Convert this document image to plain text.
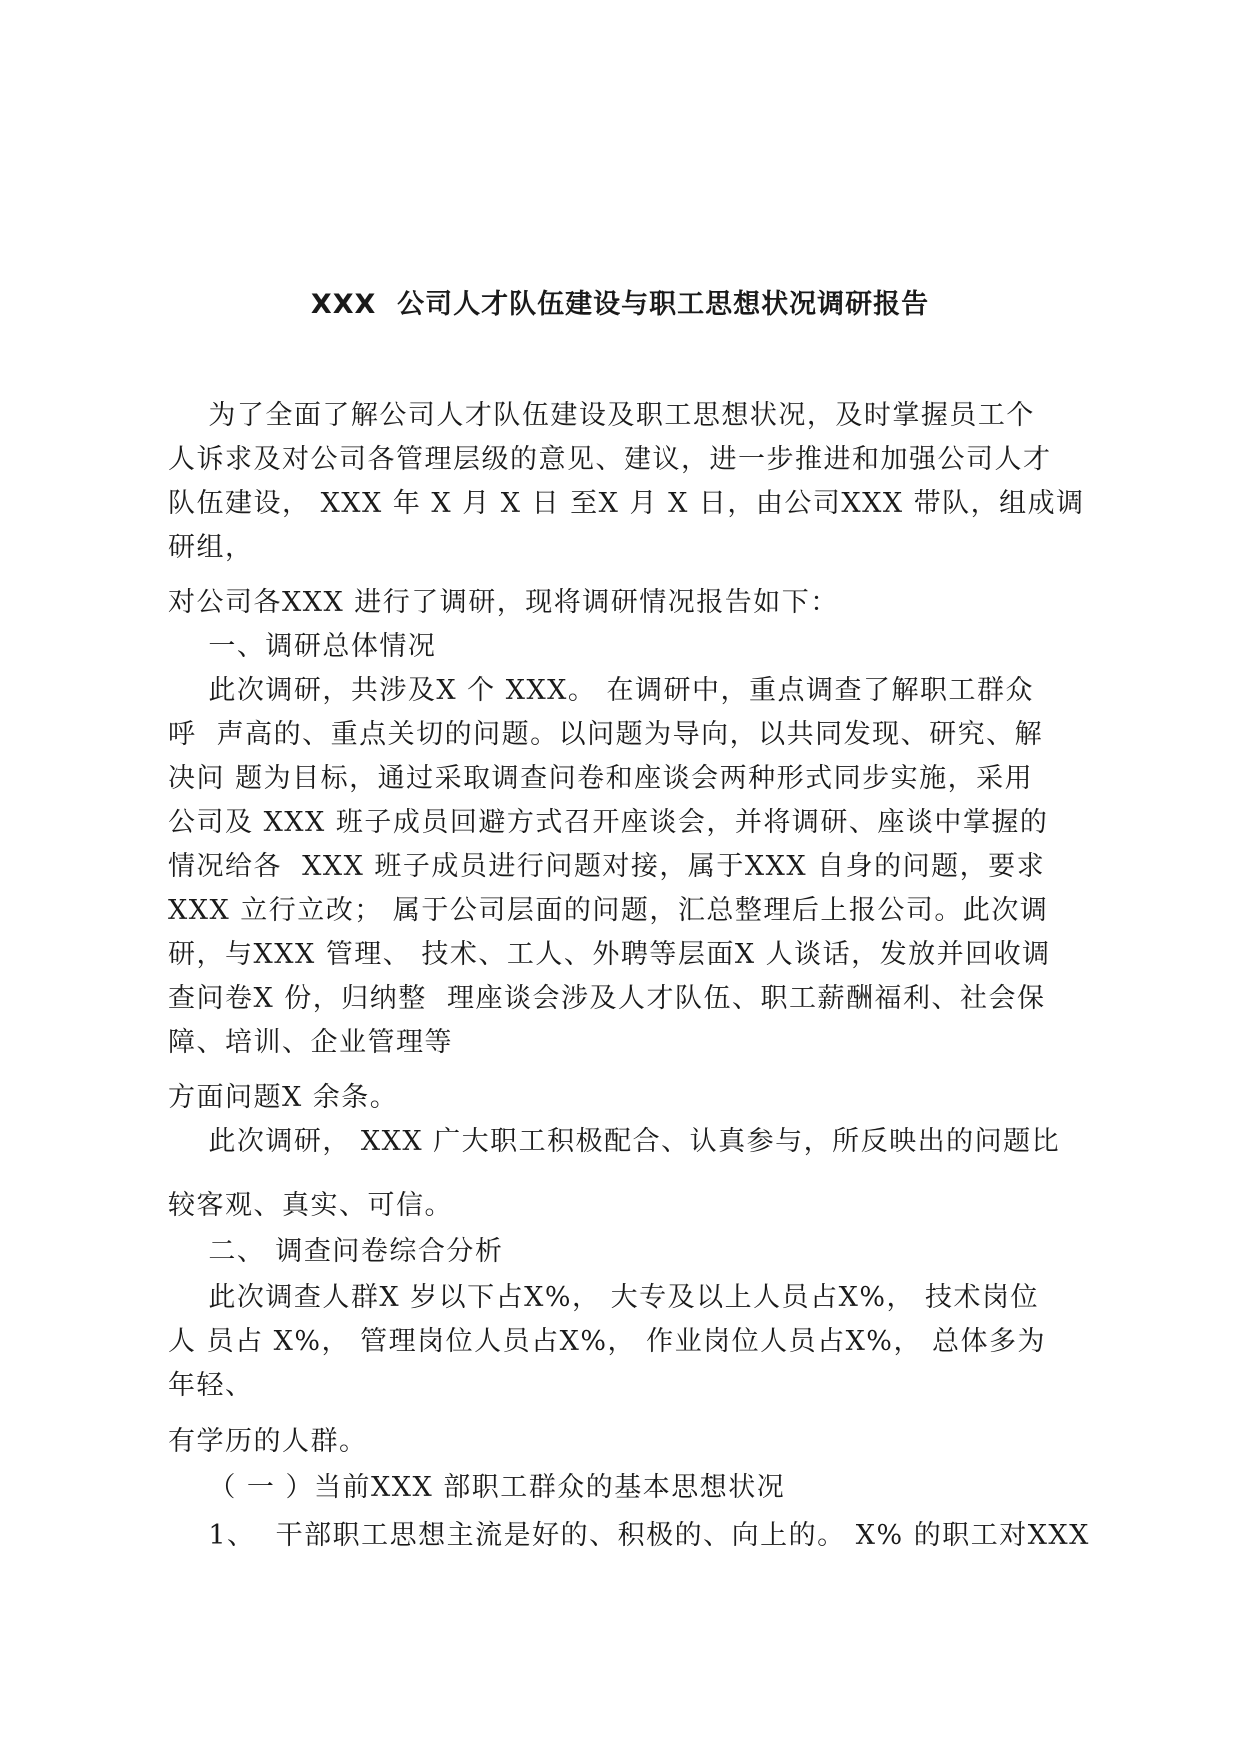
XXX  公司人才队伍建设与职工思想状况调研报告
为了全面了解公司人才队伍建设及职工思想状况，及时掌握员工个
人诉求及对公司各管理层级的意见、建议，进一步推进和加强公司人才
队伍建设， XXX 年 X 月 X 日 至X 月 X 日，由公司XXX 带队，组成调
研组，
对公司各XXX 进行了调研，现将调研情况报告如下：
一、调研总体情况
此次调研，共涉及X 个 XXX。 在调研中，重点调查了解职工群众
呼  声高的、重点关切的问题。以问题为导向，以共同发现、研究、解
决问 题为目标，通过采取调查问卷和座谈会两种形式同步实施，采用
公司及 XXX 班子成员回避方式召开座谈会，并将调研、座谈中掌握的
情况给各  XXX 班子成员进行问题对接，属于XXX 自身的问题，要求
XXX 立行立改； 属于公司层面的问题，汇总整理后上报公司。此次调
研，与XXX 管理、 技术、工人、外聘等层面X 人谈话，发放并回收调
查问卷X 份，归纳整  理座谈会涉及人才队伍、职工薪酬福利、社会保
障、培训、企业管理等
方面问题X 余条。
此次调研， XXX 广大职工积极配合、认真参与，所反映出的问题比
较客观、真实、可信。
二、 调查问卷综合分析
此次调查人群X 岁以下占X%， 大专及以上人员占X%， 技术岗位
人 员占 X%， 管理岗位人员占X%， 作业岗位人员占X%， 总体多为
年轻、
有学历的人群。
（ 一 ）当前XXX 部职工群众的基本思想状况
1、  干部职工思想主流是好的、积极的、向上的。 X% 的职工对XXX
